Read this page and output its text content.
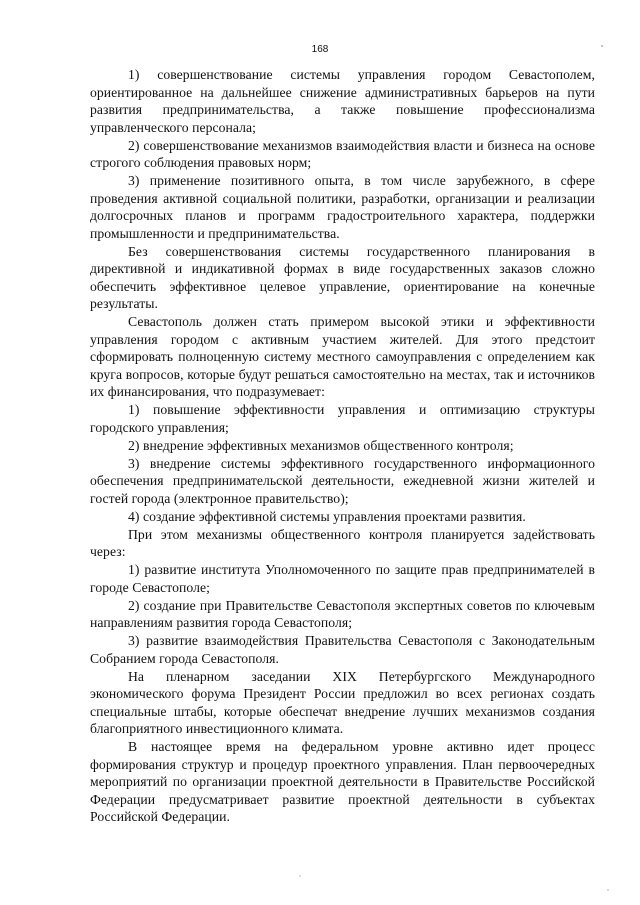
168

1) совершенствование системы управления городом Севастополем, ориентированное на дальнейшее снижение административных барьеров на пути развития предпринимательства, а также повышение профессионализма управленческого персонала;

2) совершенствование механизмов взаимодействия власти и бизнеса на основе строгого соблюдения правовых норм;

3) применение позитивного опыта, в том числе зарубежного, в сфере проведения активной социальной политики, разработки, организации и реализации долгосрочных планов и программ градостроительного характера, поддержки промышленности и предпринимательства.

Без совершенствования системы государственного планирования в директивной и индикативной формах в виде государственных заказов сложно обеспечить эффективное целевое управление, ориентирование на конечные результаты.

Севастополь должен стать примером высокой этики и эффективности управления городом с активным участием жителей. Для этого предстоит сформировать полноценную систему местного самоуправления с определением как круга вопросов, которые будут решаться самостоятельно на местах, так и источников их финансирования, что подразумевает:

1) повышение эффективности управления и оптимизацию структуры городского управления;

2) внедрение эффективных механизмов общественного контроля;

3) внедрение системы эффективного государственного информационного обеспечения предпринимательской деятельности, ежедневной жизни жителей и гостей города (электронное правительство);

4) создание эффективной системы управления проектами развития.

При этом механизмы общественного контроля планируется задействовать через:

1) развитие института Уполномоченного по защите прав предпринимателей в городе Севастополе;

2) создание при Правительстве Севастополя экспертных советов по ключевым направлениям развития города Севастополя;

3) развитие взаимодействия Правительства Севастополя с Законодательным Собранием города Севастополя.

На пленарном заседании XIX Петербургского Международного экономического форума Президент России предложил во всех регионах создать специальные штабы, которые обеспечат внедрение лучших механизмов создания благоприятного инвестиционного климата.

В настоящее время на федеральном уровне активно идет процесс формирования структур и процедур проектного управления. План первоочередных мероприятий по организации проектной деятельности в Правительстве Российской Федерации предусматривает развитие проектной деятельности в субъектах Российской Федерации.
